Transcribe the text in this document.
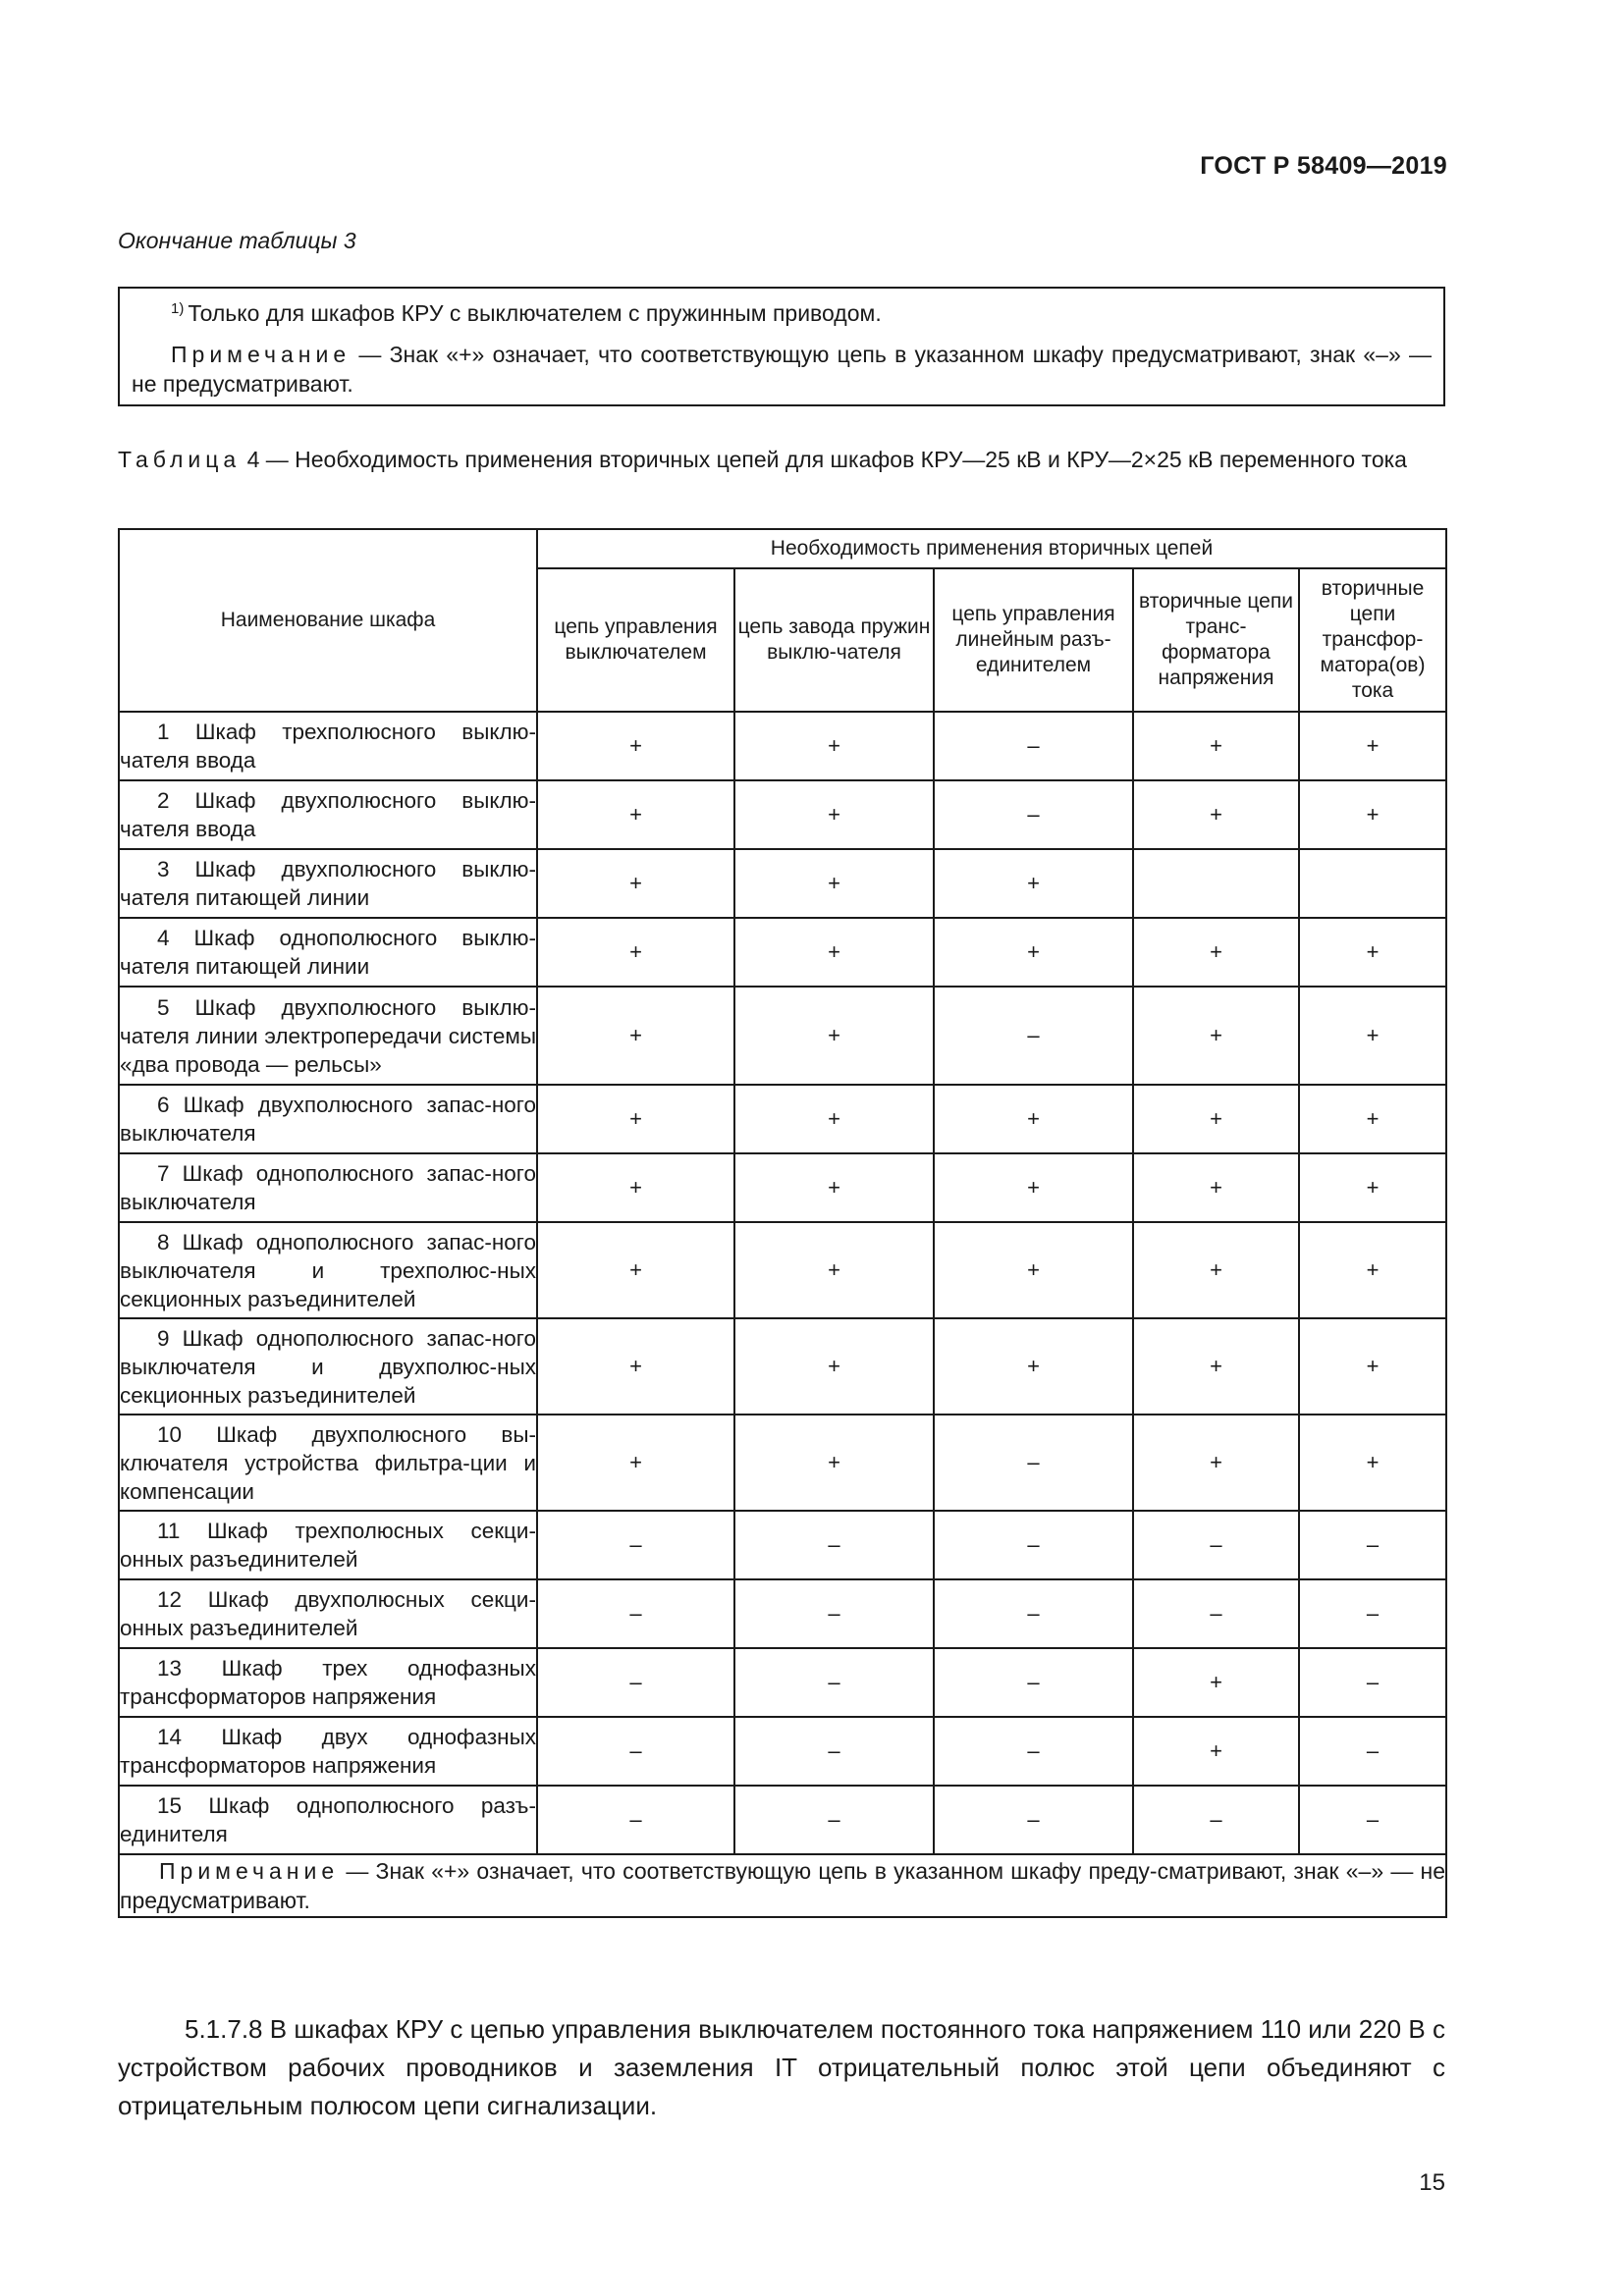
ГОСТ Р 58409—2019
Окончание таблицы 3

$^{1)}$ Только для шкафов КРУ с выключателем с пружинным приводом.

Примечание — Знак «+» означает, что соответствующую цепь в указанном шкафу предусматривают, знак «–» — не предусматривают.

Таблица 4 — Необходимость применения вторичных цепей для шкафов КРУ—25 кВ и КРУ—2×25 кВ переменного тока
Наименование шкафа	Необходимость применения вторичных цепей				
	цепь управления выключателем	цепь завода пружин выклю-чателя	цепь управления линейным разъ-единителем	вторичные цепи транс-форматора напряжения	вторичные цепи трансфор-матора(ов) тока
1 Шкаф трехполюсного выклю-чателя ввода	+	+	–	+	+
2 Шкаф двухполюсного выклю-чателя ввода	+	+	–	+	+
3 Шкаф двухполюсного выклю-чателя питающей линии	+	+	+		
4 Шкаф однополюсного выклю-чателя питающей линии	+	+	+	+	+
5 Шкаф двухполюсного выклю-чателя линии электропередачи системы «два провода — рельсы»	+	+	–	+	+
6 Шкаф двухполюсного запас-ного выключателя	+	+	+	+	+
7 Шкаф однополюсного запас-ного выключателя	+	+	+	+	+
8 Шкаф однополюсного запас-ного выключателя и трехполюс-ных секционных разъединителей	+	+	+	+	+
9 Шкаф однополюсного запас-ного выключателя и двухполюс-ных секционных разъединителей	+	+	+	+	+
10 Шкаф двухполюсного вы-ключателя устройства фильтра-ции и компенсации	+	+	–	+	+
11 Шкаф трехполюсных секци-онных разъединителей	–	–	–	–	–
12 Шкаф двухполюсных секци-онных разъединителей	–	–	–	–	–
13 Шкаф трех однофазных трансформаторов напряжения	–	–	–	+	–
14 Шкаф двух однофазных трансформаторов напряжения	–	–	–	+	–
15 Шкаф однополюсного разъ-единителя	–	–	–	–	–
Примечание — Знак «+» означает, что соответствующую цепь в указанном шкафу преду-сматривают, знак «–» — не предусматривают.					
5.1.7.8 В шкафах КРУ с цепью управления выключателем постоянного тока напряжением 110 или 220 В с устройством рабочих проводников и заземления IT отрицательный полюс этой цепи объединяют с отрицательным полюсом цепи сигнализации.
15
